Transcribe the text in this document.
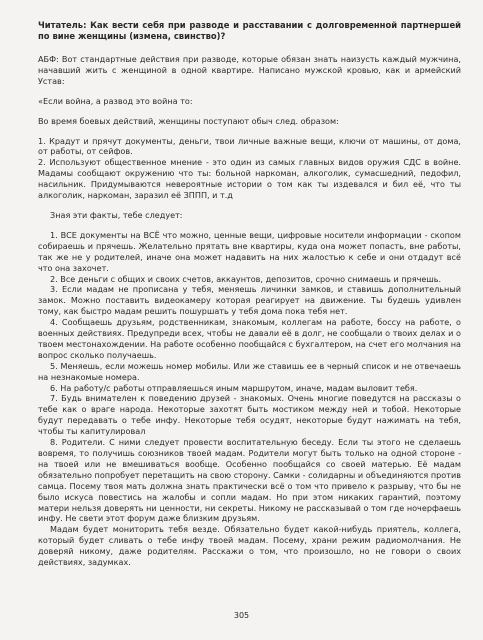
Читатель: Как вести себя при разводе и расставании с долговременной партнершей по вине женщины (измена, свинство)?

АБФ: Вот стандартные действия при разводе, которые обязан знать наизусть каждый мужчина, начавший жить с женщиной в одной квартире. Написано мужской кровью, как и армейский Устав:

«Если война, а развод это война то:

Во время боевых действий, женщины поступают обыч след. образом:

1. Крадут и прячут документы, деньги, твои личные важные вещи, ключи от машины, от дома, от работы, от сейфов.

2. Используют общественное мнение - это один из самых главных видов оружия СДС в войне. Мадамы сообщают окружению что ты: больной наркоман, алкоголик, сумасшедний, педофил, насильник. Придумываются невероятные истории о том как ты издевался и бил её, что ты алкоголик, наркоман, заразил её ЗППП, и т.д

Зная эти факты, тебе следует:

1. ВСЕ документы на ВСЁ что можно, ценные вещи, цифровые носители информации - скопом собираешь и прячешь. Желательно прятать вне квартиры, куда она может попасть, вне работы, так же не у родителей, иначе она может надавить на них жалостью к себе и они отдадут всё что она захочет.

2. Все деньги с общих и своих счетов, аккаунтов, депозитов, срочно снимаешь и прячешь.

3. Если мадам не прописана у тебя, меняешь личинки замков, и ставишь дополнительный замок. Можно поставить видеокамеру которая реагирует на движение. Ты будешь удивлен тому, как быстро мадам решить пошуршать у тебя дома пока тебя нет.

4. Сообщаешь друзьям, родственникам, знакомым, коллегам на работе, боссу на работе, о военных действиях. Предупреди всех, чтобы не давали её в долг, не сообщали о твоих делах и о твоем местонахождении. На работе особенно пообщайся с бухгалтером, на счет его молчания на вопрос сколько получаешь.

5. Меняешь, если можешь номер мобилы. Или же ставишь ее в черный список и не отвечаешь на незнакомые номера.

6. На работу/с работы отправляешься иным маршрутом, иначе, мадам выловит тебя.

7. Будь внимателен к поведению друзей - знакомых. Очень многие поведутся на рассказы о тебе как о враге народа. Некоторые захотят быть мостиком между ней и тобой. Некоторые будут передавать о тебе инфу. Некоторые тебя осудят, некоторые будут нажимать на тебя, чтобы ты капитулировал

8. Родители. С ними следует провести воспитательную беседу. Если ты этого не сделаешь вовремя, то получишь союзников твоей мадам. Родители могут быть только на одной стороне - на твоей или не вмешиваться вообще. Особенно пообщайся со своей матерью. Её мадам обязательно попробует перетащить на свою сторону. Самки - солидарны и объединяются против самца. Посему твоя мать должна знать практически всё о том что привело к разрыву, что бы не было искуса повестись на жалобы и сопли мадам. Но при этом никаких гарантий, поэтому матери нельзя доверять ни ценности, ни секреты. Никому не рассказывай о том где ночерфаешь инфу. Не свети этот форум даже близким друзьям.

Мадам будет мониторить тебя везде. Обязательно будет какой-нибудь приятель, коллега, который будет сливать о тебе инфу твоей мадам. Посему, храни режим радиомолчания. Не доверяй никому, даже родителям. Расскажи о том, что произошло, но не говори о своих действиях, задумках.

305
